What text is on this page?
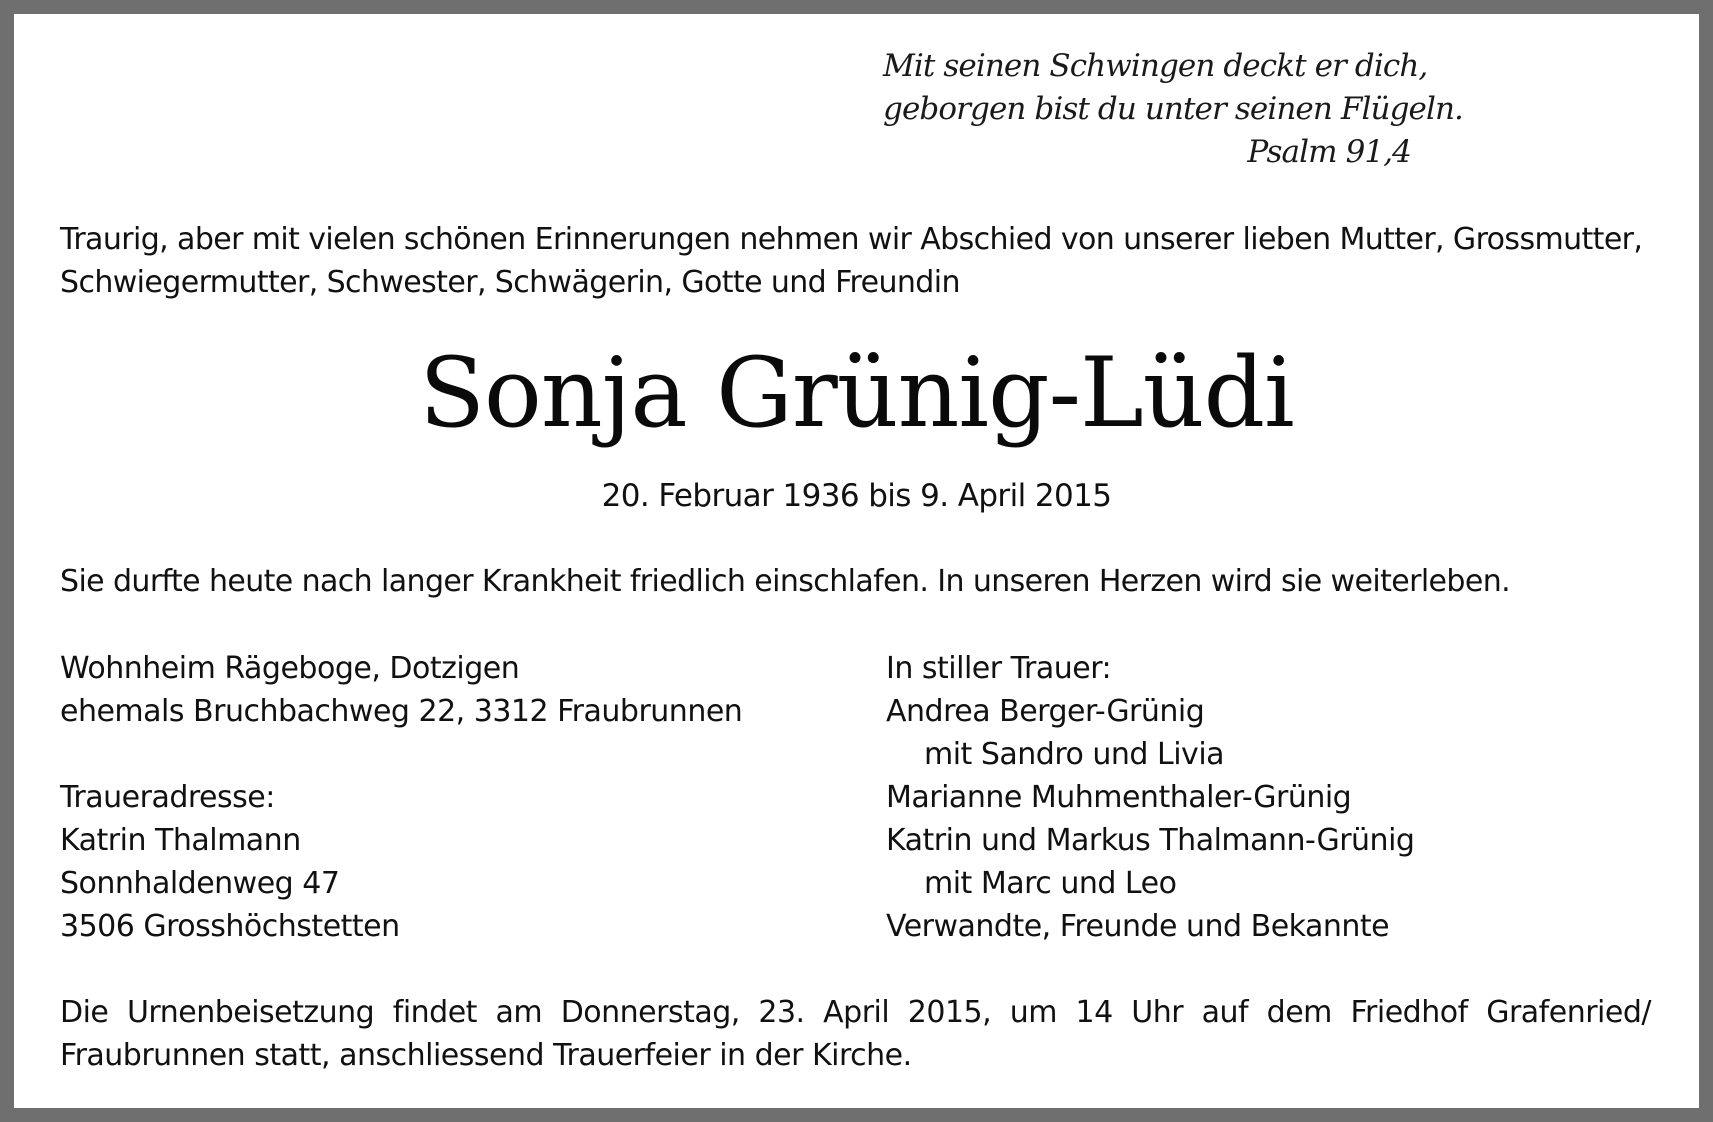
Mit seinen Schwingen deckt er dich,
geborgen bist du unter seinen Flügeln.
Psalm 91,4
Traurig, aber mit vielen schönen Erinnerungen nehmen wir Abschied von unserer lieben Mutter, Grossmutter,
Schwiegermutter, Schwester, Schwägerin, Gotte und Freundin
Sonja Grünig-Lüdi
20. Februar 1936 bis 9. April 2015
Sie durfte heute nach langer Krankheit friedlich einschlafen. In unseren Herzen wird sie weiterleben.
Wohnheim Rägeboge, Dotzigen
ehemals Bruchbachweg 22, 3312 Fraubrunnen
Traueradresse:
Katrin Thalmann
Sonnhaldenweg 47
3506 Grosshöchstetten
In stiller Trauer:
Andrea Berger-Grünig
mit Sandro und Livia
Marianne Muhmenthaler-Grünig
Katrin und Markus Thalmann-Grünig
mit Marc und Leo
Verwandte, Freunde und Bekannte
Die Urnenbeisetzung findet am Donnerstag, 23. April 2015, um 14 Uhr auf dem Friedhof Grafenried/
Fraubrunnen statt, anschliessend Trauerfeier in der Kirche.
